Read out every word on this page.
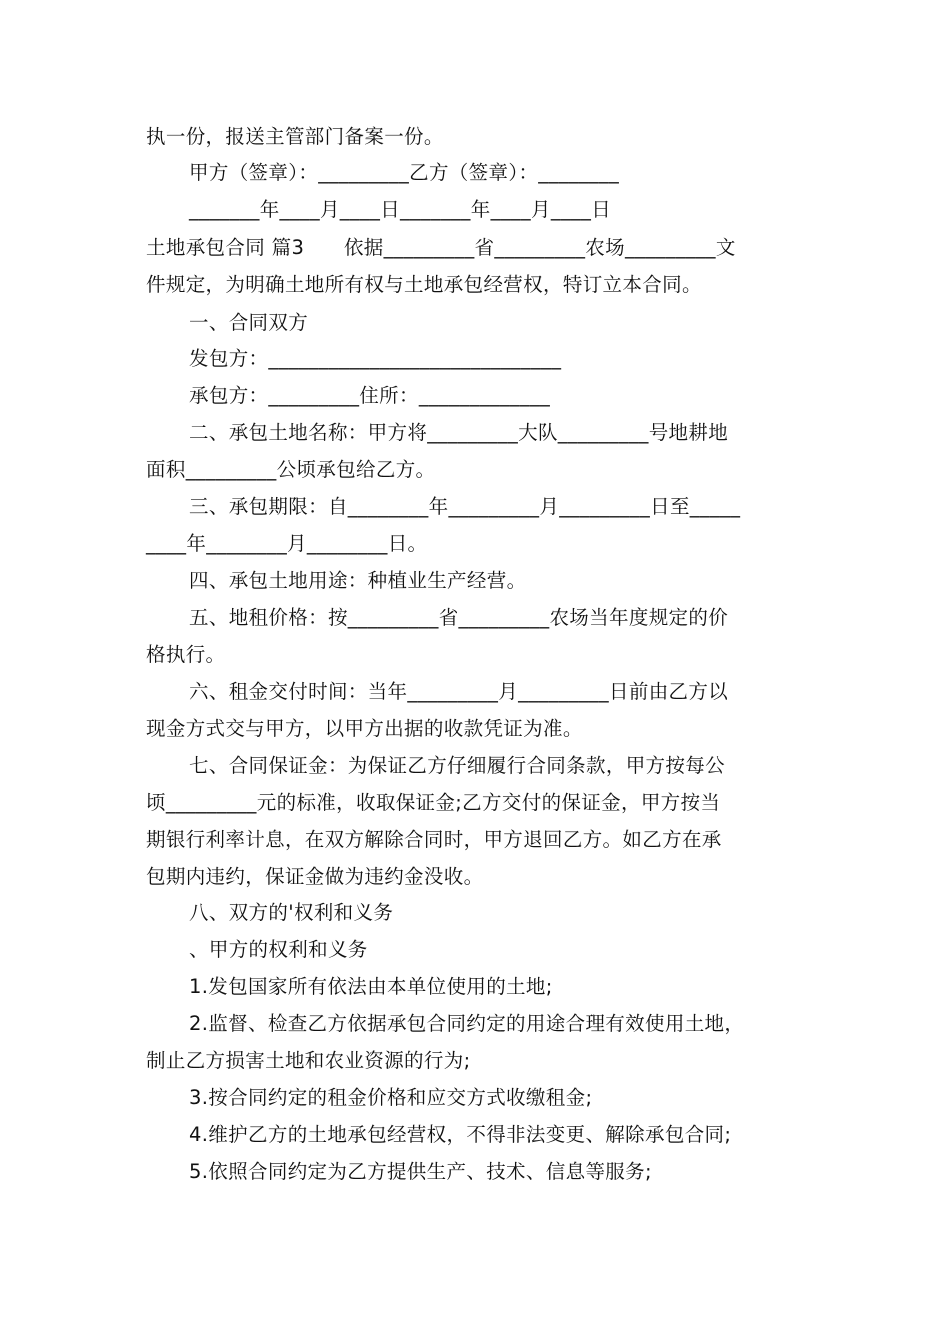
执一份，报送主管部门备案一份。
甲方（签章）：_________乙方（签章）：________
_______年____月____日_______年____月____日
土地承包合同 篇3　　依据_________省_________农场_________文
件规定，为明确土地所有权与土地承包经营权，特订立本合同。
一、合同双方
发包方：_____________________________
承包方：_________住所：_____________
二、承包土地名称：甲方将_________大队_________号地耕地
面积_________公顷承包给乙方。
三、承包期限：自________年_________月_________日至_____
____年________月________日。
四、承包土地用途：种植业生产经营。
五、地租价格：按_________省_________农场当年度规定的价
格执行。
六、租金交付时间：当年_________月_________日前由乙方以
现金方式交与甲方，以甲方出据的收款凭证为准。
七、合同保证金：为保证乙方仔细履行合同条款，甲方按每公
顷_________元的标准，收取保证金;乙方交付的保证金，甲方按当
期银行利率计息，在双方解除合同时，甲方退回乙方。如乙方在承
包期内违约，保证金做为违约金没收。
八、双方的'权利和义务
、甲方的权利和义务
1.发包国家所有依法由本单位使用的土地;
2.监督、检查乙方依据承包合同约定的用途合理有效使用土地，
制止乙方损害土地和农业资源的行为;
3.按合同约定的租金价格和应交方式收缴租金;
4.维护乙方的土地承包经营权，不得非法变更、解除承包合同;
5.依照合同约定为乙方提供生产、技术、信息等服务;
